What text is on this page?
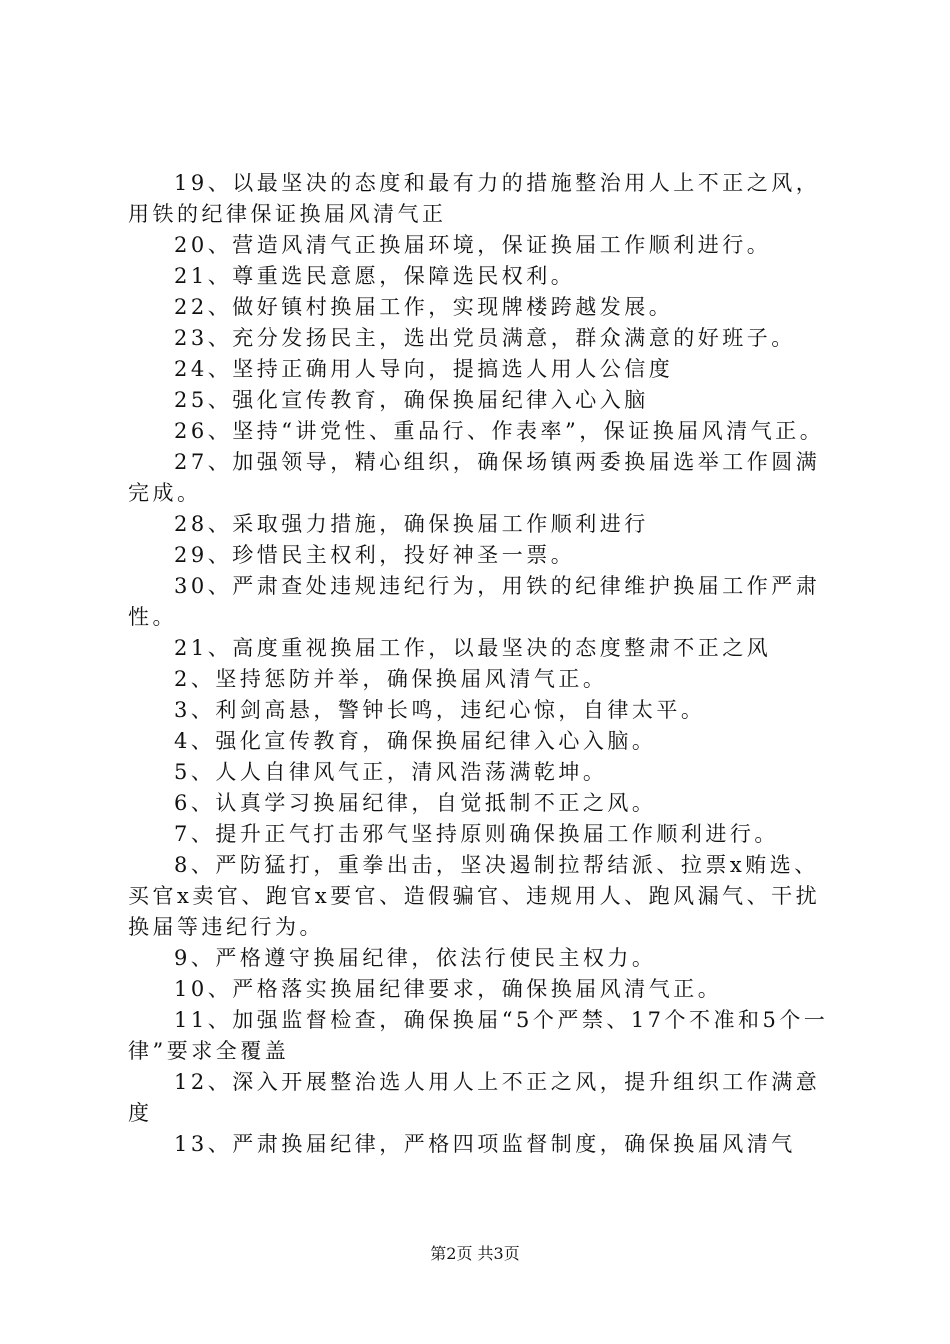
19、以最坚决的态度和最有力的措施整治用人上不正之风，用铁的纪律保证换届风清气正

20、营造风清气正换届环境，保证换届工作顺利进行。

21、尊重选民意愿，保障选民权利。

22、做好镇村换届工作，实现牌楼跨越发展。

23、充分发扬民主，选出党员满意，群众满意的好班子。

24、坚持正确用人导向，提搞选人用人公信度

25、强化宣传教育，确保换届纪律入心入脑

26、坚持“讲党性、重品行、作表率”，保证换届风清气正。

27、加强领导，精心组织，确保场镇两委换届选举工作圆满完成。

28、采取强力措施，确保换届工作顺利进行

29、珍惜民主权利，投好神圣一票。

30、严肃查处违规违纪行为，用铁的纪律维护换届工作严肃性。

21、高度重视换届工作，以最坚决的态度整肃不正之风

2、坚持惩防并举，确保换届风清气正。

3、利剑高悬，警钟长鸣，违纪心惊，自律太平。

4、强化宣传教育，确保换届纪律入心入脑。

5、人人自律风气正，清风浩荡满乾坤。

6、认真学习换届纪律，自觉抵制不正之风。

7、提升正气打击邪气坚持原则确保换届工作顺利进行。

8、严防猛打，重拳出击，坚决遏制拉帮结派、拉票x贿选、买官x卖官、跑官x要官、造假骗官、违规用人、跑风漏气、干扰换届等违纪行为。

9、严格遵守换届纪律，依法行使民主权力。

10、严格落实换届纪律要求，确保换届风清气正。

11、加强监督检查，确保换届“5个严禁、17个不准和5个一律”要求全覆盖

12、深入开展整治选人用人上不正之风，提升组织工作满意度

13、严肃换届纪律，严格四项监督制度，确保换届风清气

第2页 共3页
